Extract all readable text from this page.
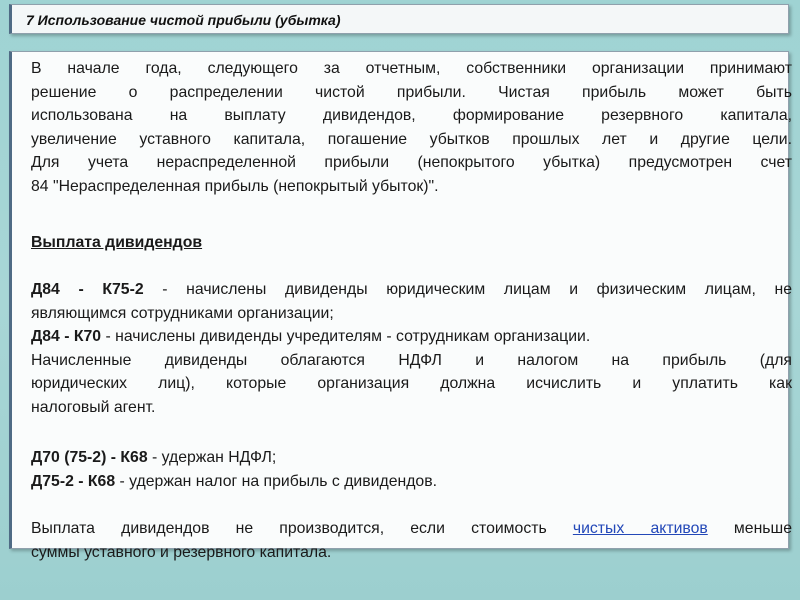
7 Использование чистой прибыли (убытка)
В начале года, следующего за отчетным, собственники организации принимают
решение о распределении чистой прибыли. Чистая прибыль может быть
использована на выплату дивидендов, формирование резервного капитала,
увеличение уставного капитала, погашение убытков прошлых лет и другие цели.
Для учета нераспределенной прибыли (непокрытого убытка) предусмотрен счет
84 "Нераспределенная прибыль (непокрытый убыток)".
Выплата дивидендов
Д84 - К75-2 - начислены дивиденды юридическим лицам и физическим лицам, не
являющимся сотрудниками организации;
Д84 - К70 - начислены дивиденды учредителям - сотрудникам организации.
Начисленные дивиденды облагаются НДФЛ и налогом на прибыль (для
юридических лиц), которые организация должна исчислить и уплатить как
налоговый агент.
Д70 (75-2) - К68 - удержан НДФЛ;
Д75-2 - К68 - удержан налог на прибыль с дивидендов.
Выплата дивидендов не производится, если стоимость чистых активов меньше
суммы уставного и резервного капитала.
